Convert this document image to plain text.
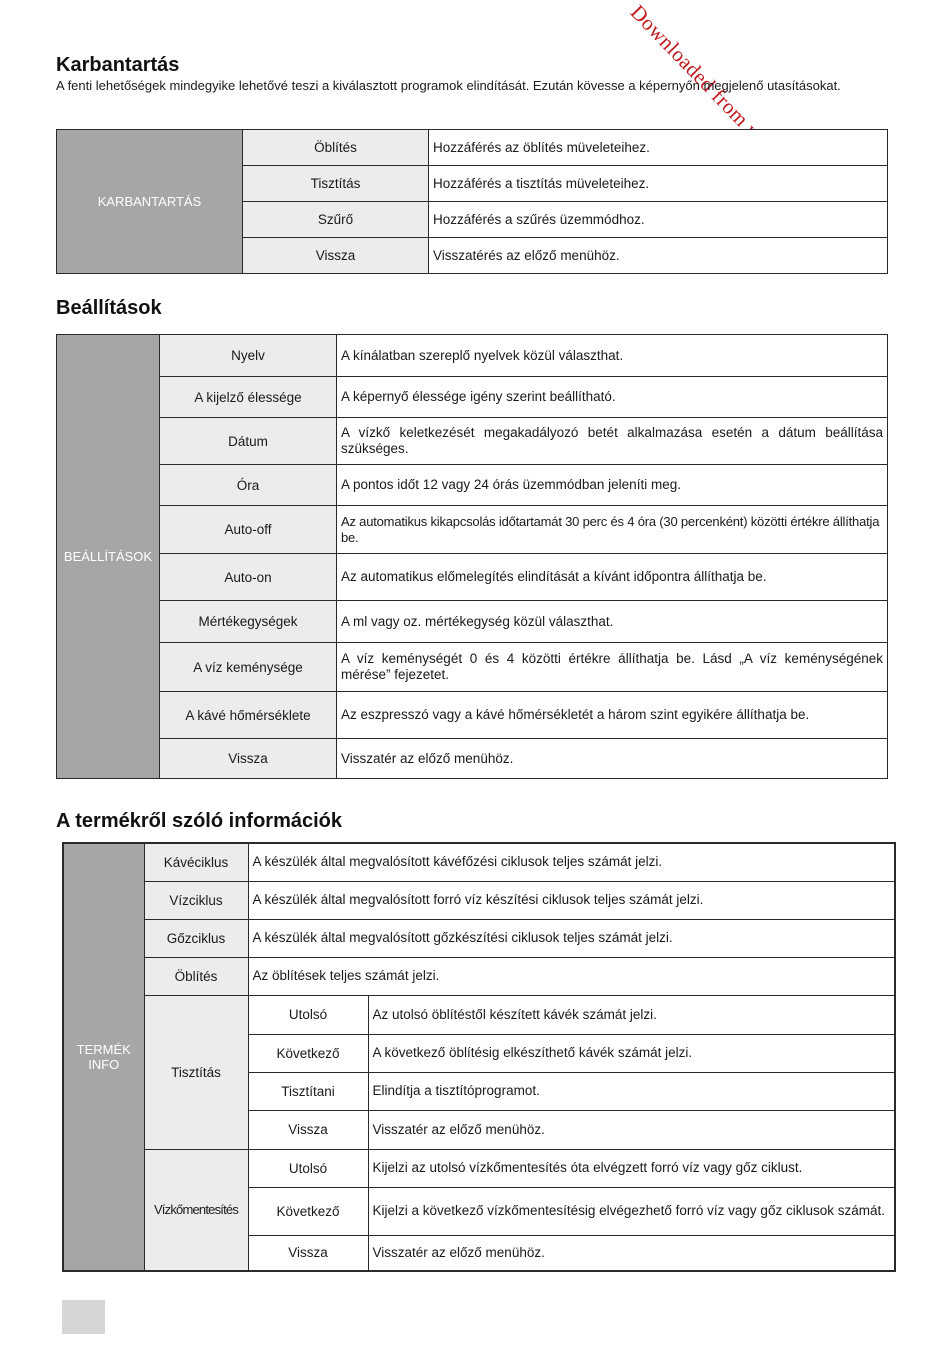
Karbantartás

A fenti lehetőségek mindegyike lehetővé teszi a kiválasztott programok elindítását. Ezután kövesse a képernyőn megjelenő utasításokat.

KARBANTARTÁS	Öblítés	Hozzáférés az öblítés müveleteihez.
	Tisztítás	Hozzáférés a tisztítás müveleteihez.
	Szűrő	Hozzáférés a szűrés üzemmódhoz.
	Vissza	Visszatérés az előző menühöz.
Beállítások
BEÁLLÍTÁSOK	Nyelv	A kínálatban szereplő nyelvek közül választhat.
	A kijelző élessége	A képernyő élessége igény szerint beállítható.
	Dátum	A vízkő keletkezését megakadályozó betét alkalmazása esetén a dátum beállítása szükséges.
	Óra	A pontos időt 12 vagy 24 órás üzemmódban jeleníti meg.
	Auto-off	Az automatikus kikapcsolás időtartamát 30 perc és 4 óra (30 percenként) közötti értékre állíthatja be.
	Auto-on	Az automatikus előmelegítés elindítását a kívánt időpontra állíthatja be.
	Mértékegységek	A ml vagy oz. mértékegység közül választhat.
	A víz keménysége	A víz keménységét 0 és 4 közötti értékre állíthatja be. Lásd „A víz keménységének mérése” fejezetet.
	A kávé hőmérséklete	Az eszpresszó vagy a kávé hőmérsékletét a három szint egyikére állíthatja be.
	Vissza	Visszatér az előző menühöz.
A termékről szóló információk
TERMÉK
INFO	Kávéciklus	A készülék által megvalósított kávéfőzési ciklusok teljes számát jelzi.	
	Vízciklus	A készülék által megvalósított forró víz készítési ciklusok teljes számát jelzi.	
	Gőzciklus	A készülék által megvalósított gőzkészítési ciklusok teljes számát jelzi.	
	Öblítés	Az öblítések teljes számát jelzi.	
	Tisztítás	Utolsó	Az utolsó öblítéstől készített kávék számát jelzi.
		Következő	A következő öblítésig elkészíthető kávék számát jelzi.
		Tisztítani	Elindítja a tisztítóprogramot.
		Vissza	Visszatér az előző menühöz.
	Vízkőmentesítés	Utolsó	Kijelzi az utolsó vízkőmentesítés óta elvégzett forró víz vagy gőz ciklust.
		Következő	Kijelzi a következő vízkőmentesítésig elvégezhető forró víz vagy gőz ciklusok számát.
		Vissza	Visszatér az előző menühöz.
